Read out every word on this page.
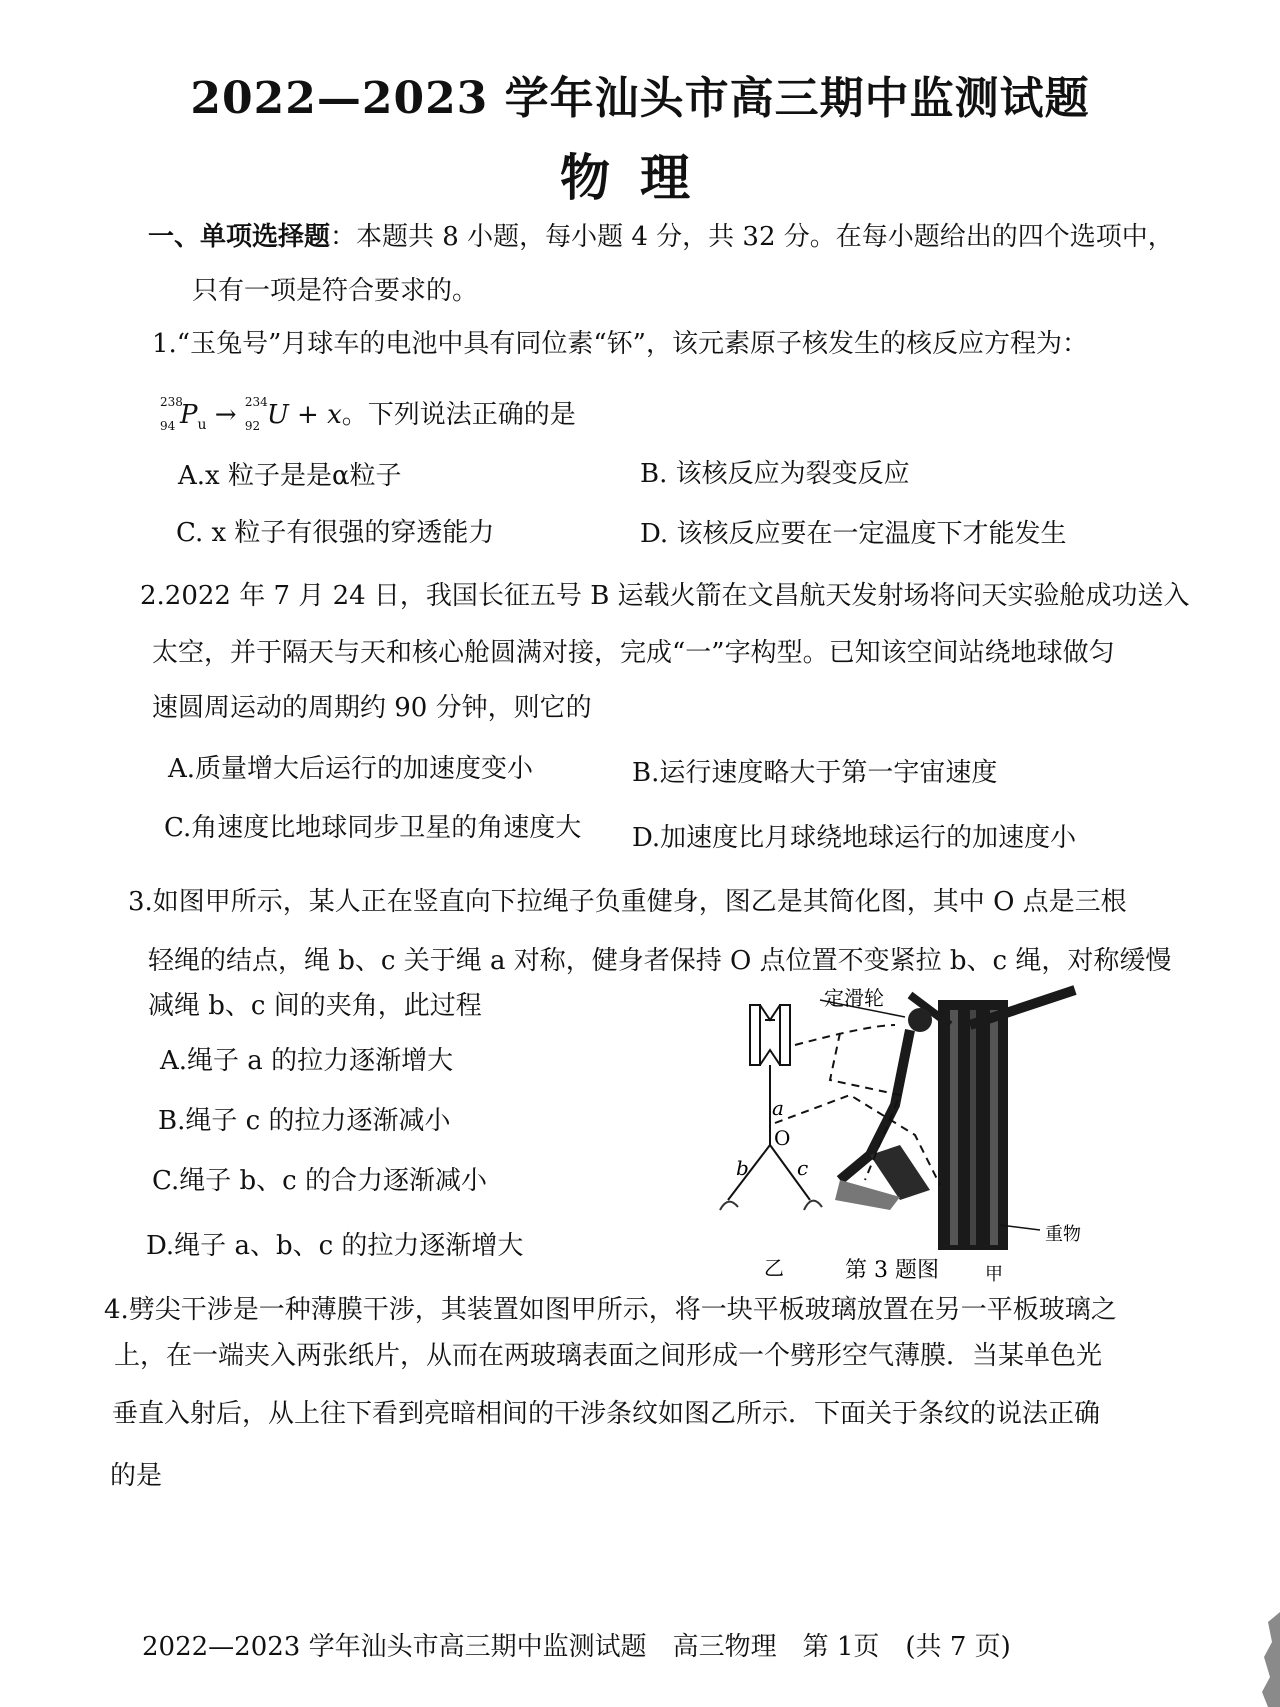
2022—2023 学年汕头市高三期中监测试题
物理
一、单项选择题：本题共 8 小题，每小题 4 分，共 32 分。在每小题给出的四个选项中，
只有一项是符合要求的。
1.“玉兔号”月球车的电池中具有同位素“钚”，该元素原子核发生的核反应方程为：
238
94 $P_u \to 234$
92 U + x。下列说法正确的是
A.x 粒子是是α粒子	B. 该核反应为裂变反应
C. x 粒子有很强的穿透能力	D. 该核反应要在一定温度下才能发生
2.2022 年 7 月 24 日，我国长征五号 B 运载火箭在文昌航天发射场将问天实验舱成功送入
太空，并于隔天与天和核心舱圆满对接，完成“一”字构型。已知该空间站绕地球做匀
速圆周运动的周期约 90 分钟，则它的
A.质量增大后运行的加速度变小	B.运行速度略大于第一宇宙速度
C.角速度比地球同步卫星的角速度大 D.加速度比月球绕地球运行的加速度小
3.如图甲所示，某人正在竖直向下拉绳子负重健身，图乙是其简化图，其中 O 点是三根
轻绳的结点，绳 b、c 关于绳 a 对称，健身者保持 O 点位置不变紧拉 b、c 绳，对称缓慢
减绳 b、c 间的夹角，此过程
A.绳子 a 的拉力逐渐增大
B.绳子 c 的拉力逐渐减小
C.绳子 b、c 的合力逐渐减小
D.绳子 a、b、c 的拉力逐渐增大
定滑轮
a
O
b c
重物
乙	第 3 题图	甲
4.劈尖干涉是一种薄膜干涉，其装置如图甲所示，将一块平板玻璃放置在另一平板玻璃之
上，在一端夹入两张纸片，从而在两玻璃表面之间形成一个劈形空气薄膜．当某单色光
垂直入射后，从上往下看到亮暗相间的干涉条纹如图乙所示．下面关于条纹的说法正确
的是
2022—2023 学年汕头市高三期中监测试题　高三物理　第 1页　(共 7 页)
